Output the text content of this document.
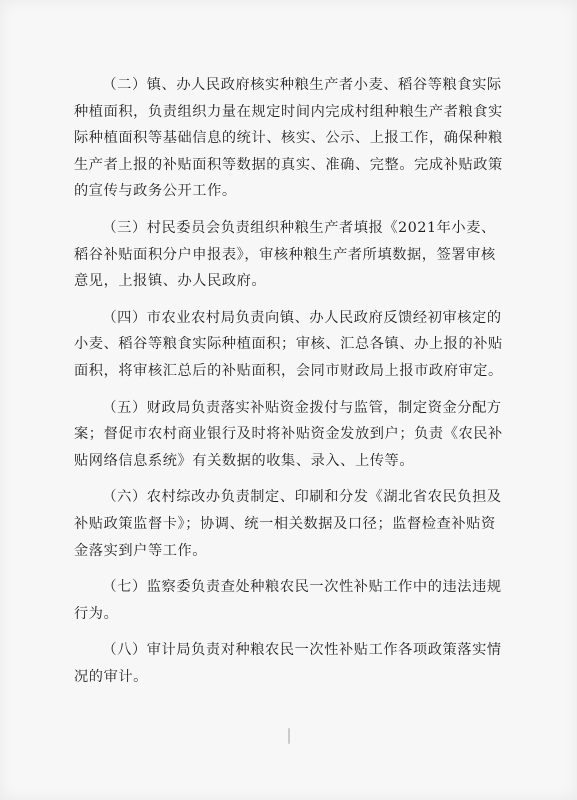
（二）镇、办人民政府核实种粮生产者小麦、稻谷等粮食实际种植面积，负责组织力量在规定时间内完成村组种粮生产者粮食实际种植面积等基础信息的统计、核实、公示、上报工作，确保种粮生产者上报的补贴面积等数据的真实、准确、完整。完成补贴政策的宣传与政务公开工作。

（三）村民委员会负责组织种粮生产者填报《2021年小麦、稻谷补贴面积分户申报表》，审核种粮生产者所填数据，签署审核意见，上报镇、办人民政府。

（四）市农业农村局负责向镇、办人民政府反馈经初审核定的小麦、稻谷等粮食实际种植面积；审核、汇总各镇、办上报的补贴面积，将审核汇总后的补贴面积，会同市财政局上报市政府审定。

（五）财政局负责落实补贴资金拨付与监管，制定资金分配方案；督促市农村商业银行及时将补贴资金发放到户；负责《农民补贴网络信息系统》有关数据的收集、录入、上传等。

（六）农村综改办负责制定、印刷和分发《湖北省农民负担及补贴政策监督卡》；协调、统一相关数据及口径；监督检查补贴资金落实到户等工作。

（七）监察委负责查处种粮农民一次性补贴工作中的违法违规行为。

（八）审计局负责对种粮农民一次性补贴工作各项政策落实情况的审计。
